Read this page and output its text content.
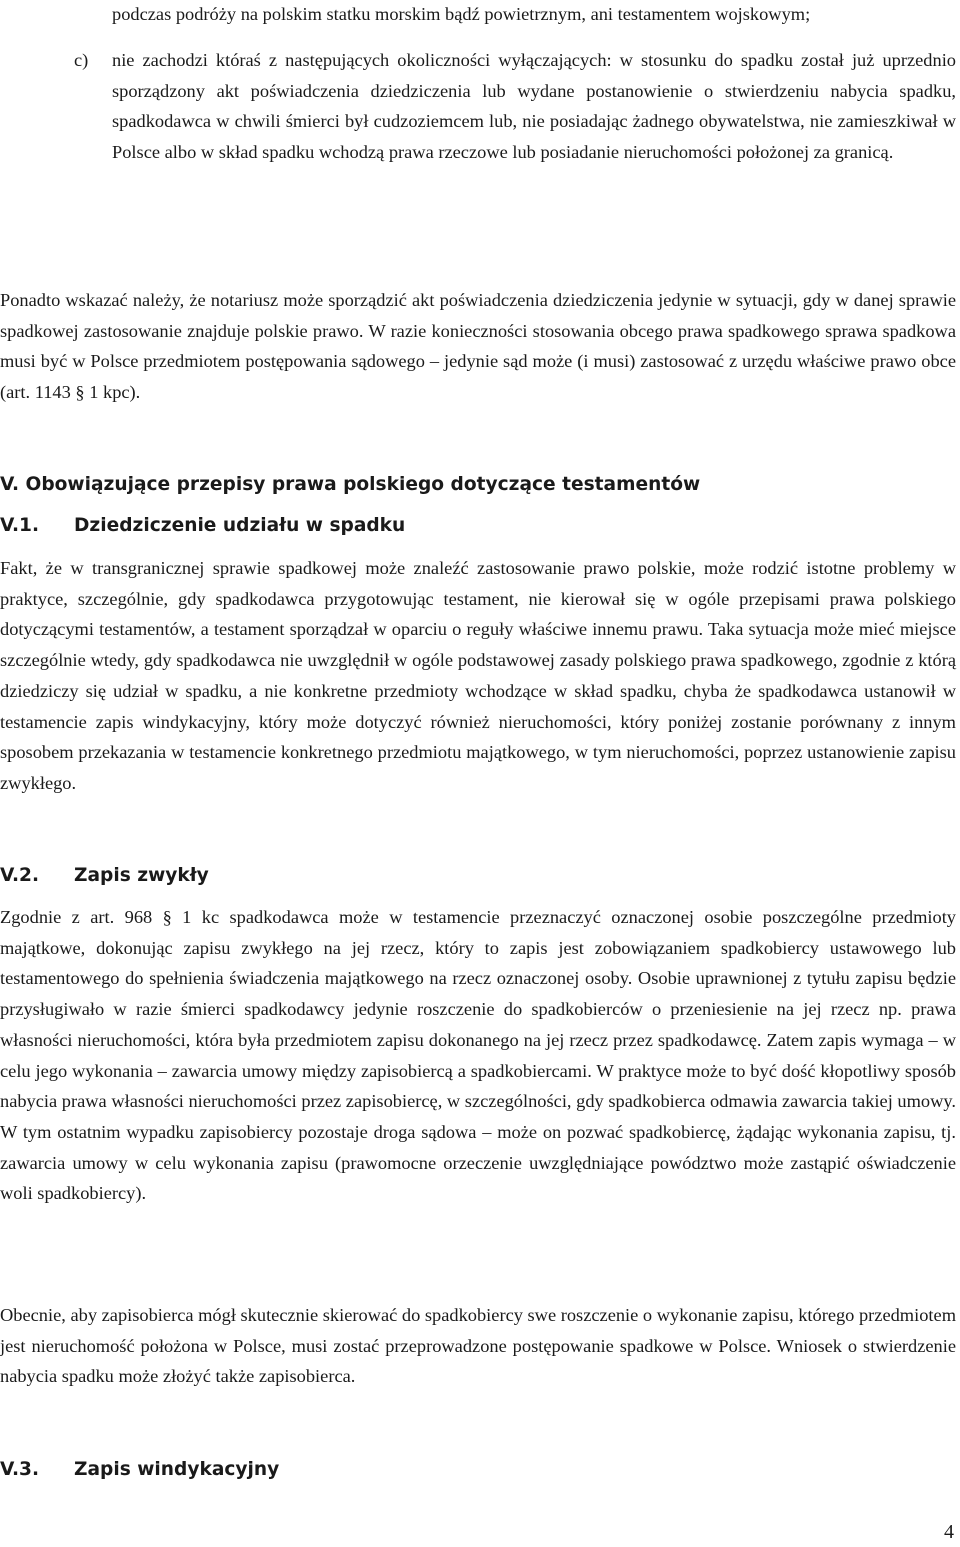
podczas podróży na polskim statku morskim bądź powietrznym, ani testamentem wojskowym;

c) nie zachodzi któraś z następujących okoliczności wyłączających: w stosunku do spadku został już uprzednio sporządzony akt poświadczenia dziedziczenia lub wydane postanowienie o stwierdzeniu nabycia spadku, spadkodawca w chwili śmierci był cudzoziemcem lub, nie posiadając żadnego obywatelstwa, nie zamieszkiwał w Polsce albo w skład spadku wchodzą prawa rzeczowe lub posiadanie nieruchomości położonej za granicą.

Ponadto wskazać należy, że notariusz może sporządzić akt poświadczenia dziedziczenia jedynie w sytuacji, gdy w danej sprawie spadkowej zastosowanie znajduje polskie prawo. W razie konieczności stosowania obcego prawa spadkowego sprawa spadkowa musi być w Polsce przedmiotem postępowania sądowego – jedynie sąd może (i musi) zastosować z urzędu właściwe prawo obce (art. 1143 § 1 kpc).

V. Obowiązujące przepisy prawa polskiego dotyczące testamentów
V.1. Dziedziczenie udziału w spadku

Fakt, że w transgranicznej sprawie spadkowej może znaleźć zastosowanie prawo polskie, może rodzić istotne problemy w praktyce, szczególnie, gdy spadkodawca przygotowując testament, nie kierował się w ogóle przepisami prawa polskiego dotyczącymi testamentów, a testament sporządzał w oparciu o reguły właściwe innemu prawu. Taka sytuacja może mieć miejsce szczególnie wtedy, gdy spadkodawca nie uwzględnił w ogóle podstawowej zasady polskiego prawa spadkowego, zgodnie z którą dziedziczy się udział w spadku, a nie konkretne przedmioty wchodzące w skład spadku, chyba że spadkodawca ustanowił w testamencie zapis windykacyjny, który może dotyczyć również nieruchomości, który poniżej zostanie porównany z innym sposobem przekazania w testamencie konkretnego przedmiotu majątkowego, w tym nieruchomości, poprzez ustanowienie zapisu zwykłego.

V.2. Zapis zwykły

Zgodnie z art. 968 § 1 kc spadkodawca może w testamencie przeznaczyć oznaczonej osobie poszczególne przedmioty majątkowe, dokonując zapisu zwykłego na jej rzecz, który to zapis jest zobowiązaniem spadkobiercy ustawowego lub testamentowego do spełnienia świadczenia majątkowego na rzecz oznaczonej osoby. Osobie uprawnionej z tytułu zapisu będzie przysługiwało w razie śmierci spadkodawcy jedynie roszczenie do spadkobierców o przeniesienie na jej rzecz np. prawa własności nieruchomości, która była przedmiotem zapisu dokonanego na jej rzecz przez spadkodawcę. Zatem zapis wymaga – w celu jego wykonania – zawarcia umowy między zapisobiercą a spadkobiercami. W praktyce może to być dość kłopotliwy sposób nabycia prawa własności nieruchomości przez zapisobiercę, w szczególności, gdy spadkobierca odmawia zawarcia takiej umowy. W tym ostatnim wypadku zapisobiercy pozostaje droga sądowa – może on pozwać spadkobiercę, żądając wykonania zapisu, tj. zawarcia umowy w celu wykonania zapisu (prawomocne orzeczenie uwzględniające powództwo może zastąpić oświadczenie woli spadkobiercy).

Obecnie, aby zapisobierca mógł skutecznie skierować do spadkobiercy swe roszczenie o wykonanie zapisu, którego przedmiotem jest nieruchomość położona w Polsce, musi zostać przeprowadzone postępowanie spadkowe w Polsce. Wniosek o stwierdzenie nabycia spadku może złożyć także zapisobierca.

V.3. Zapis windykacyjny
4
